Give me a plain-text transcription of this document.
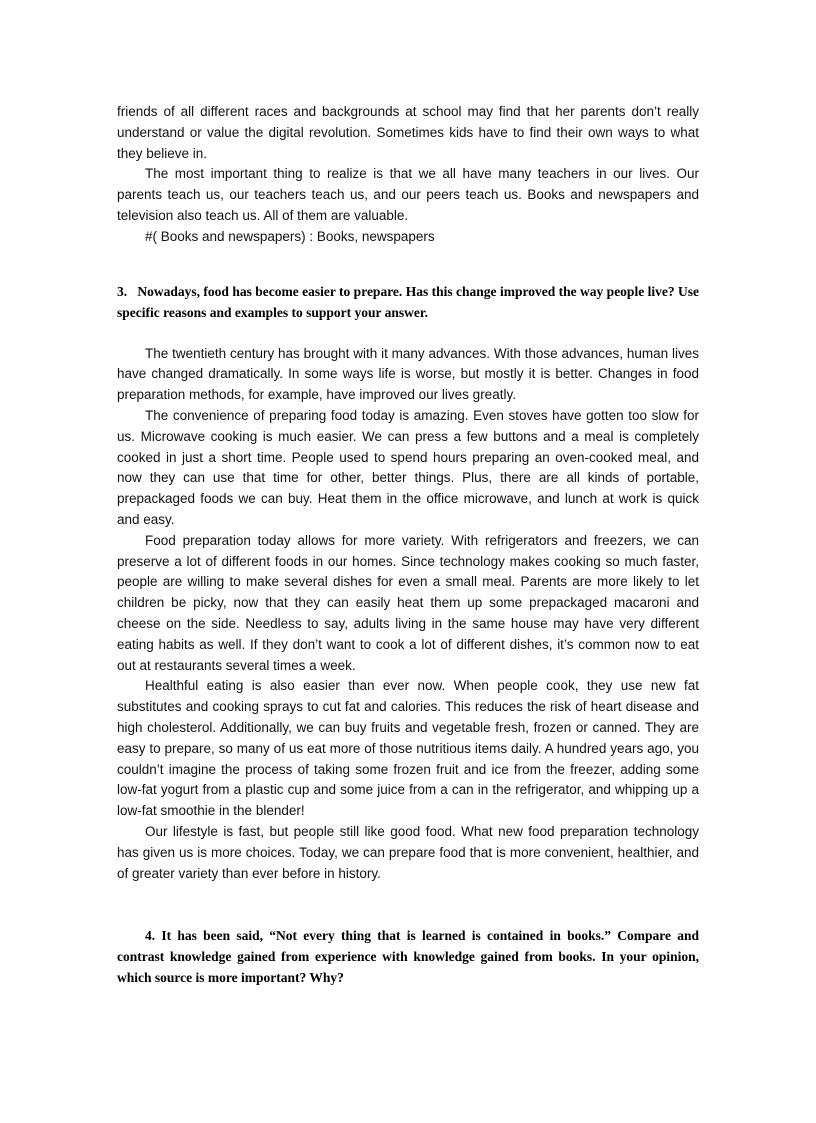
friends of all different races and backgrounds at school may find that her parents don’t really understand or value the digital revolution. Sometimes kids have to find their own ways to what they believe in.

The most important thing to realize is that we all have many teachers in our lives. Our parents teach us, our teachers teach us, and our peers teach us. Books and newspapers and television also teach us. All of them are valuable.

#( Books and newspapers) : Books, newspapers

3.   Nowadays, food has become easier to prepare. Has this change improved the way people live? Use specific reasons and examples to support your answer.

The twentieth century has brought with it many advances. With those advances, human lives have changed dramatically. In some ways life is worse, but mostly it is better. Changes in food preparation methods, for example, have improved our lives greatly.

The convenience of preparing food today is amazing. Even stoves have gotten too slow for us. Microwave cooking is much easier. We can press a few buttons and a meal is completely cooked in just a short time. People used to spend hours preparing an oven-cooked meal, and now they can use that time for other, better things. Plus, there are all kinds of portable, prepackaged foods we can buy. Heat them in the office microwave, and lunch at work is quick and easy.

Food preparation today allows for more variety. With refrigerators and freezers, we can preserve a lot of different foods in our homes. Since technology makes cooking so much faster, people are willing to make several dishes for even a small meal. Parents are more likely to let children be picky, now that they can easily heat them up some prepackaged macaroni and cheese on the side. Needless to say, adults living in the same house may have very different eating habits as well. If they don’t want to cook a lot of different dishes, it’s common now to eat out at restaurants several times a week.

Healthful eating is also easier than ever now. When people cook, they use new fat substitutes and cooking sprays to cut fat and calories. This reduces the risk of heart disease and high cholesterol. Additionally, we can buy fruits and vegetable fresh, frozen or canned. They are easy to prepare, so many of us eat more of those nutritious items daily. A hundred years ago, you couldn’t imagine the process of taking some frozen fruit and ice from the freezer, adding some low-fat yogurt from a plastic cup and some juice from a can in the refrigerator, and whipping up a low-fat smoothie in the blender!

Our lifestyle is fast, but people still like good food. What new food preparation technology has given us is more choices. Today, we can prepare food that is more convenient, healthier, and of greater variety than ever before in history.

4. It has been said, “Not every thing that is learned is contained in books.” Compare and contrast knowledge gained from experience with knowledge gained from books. In your opinion, which source is more important? Why?
